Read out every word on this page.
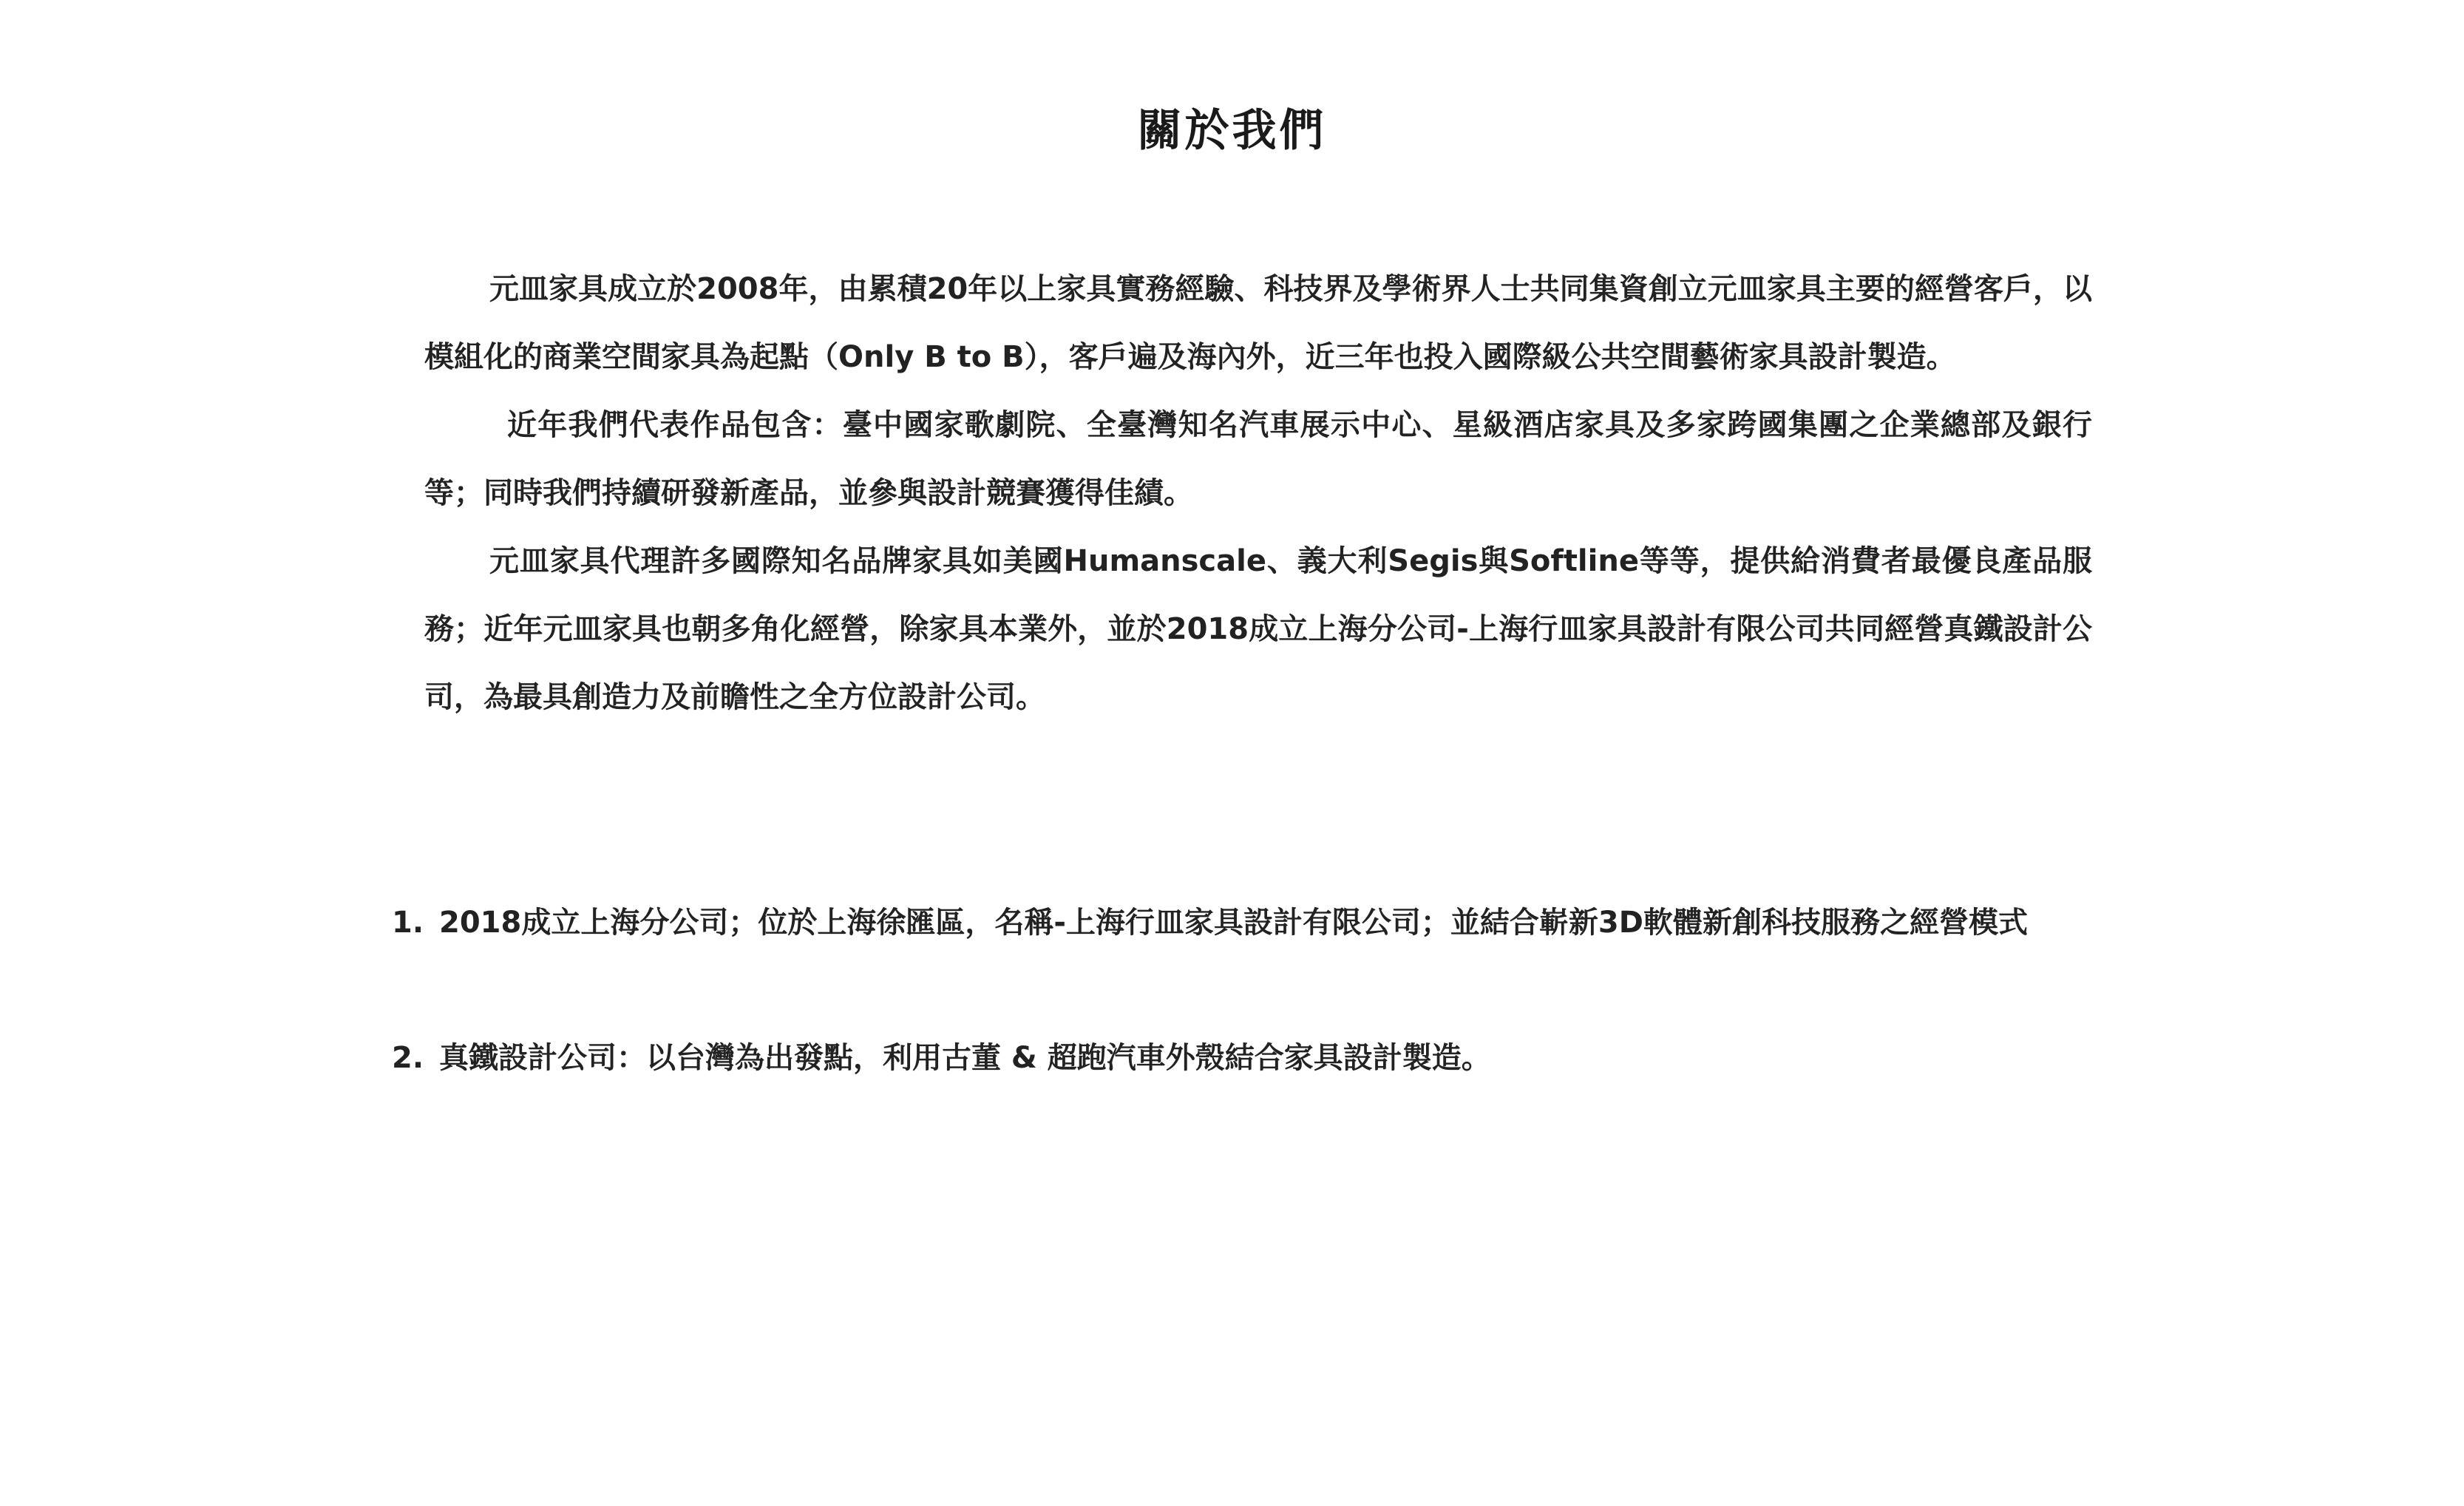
關於我們

元皿家具成立於2008年，由累積20年以上家具實務經驗、科技界及學術界人士共同集資創立元皿家具主要的經營客戶，以模組化的商業空間家具為起點（Only B to B），客戶遍及海內外，近三年也投入國際級公共空間藝術家具設計製造。

近年我們代表作品包含：臺中國家歌劇院、全臺灣知名汽車展示中心、星級酒店家具及多家跨國集團之企業總部及銀行等；同時我們持續研發新產品，並參與設計競賽獲得佳績。

元皿家具代理許多國際知名品牌家具如美國Humanscale、義大利Segis與Softline等等，提供給消費者最優良產品服務；近年元皿家具也朝多角化經營，除家具本業外，並於2018成立上海分公司-上海行皿家具設計有限公司共同經營真鐵設計公司，為最具創造力及前瞻性之全方位設計公司。

1. 2018成立上海分公司；位於上海徐匯區，名稱-上海行皿家具設計有限公司；並結合嶄新3D軟體新創科技服務之經營模式
2. 真鐵設計公司：以台灣為出發點，利用古董 & 超跑汽車外殼結合家具設計製造。
